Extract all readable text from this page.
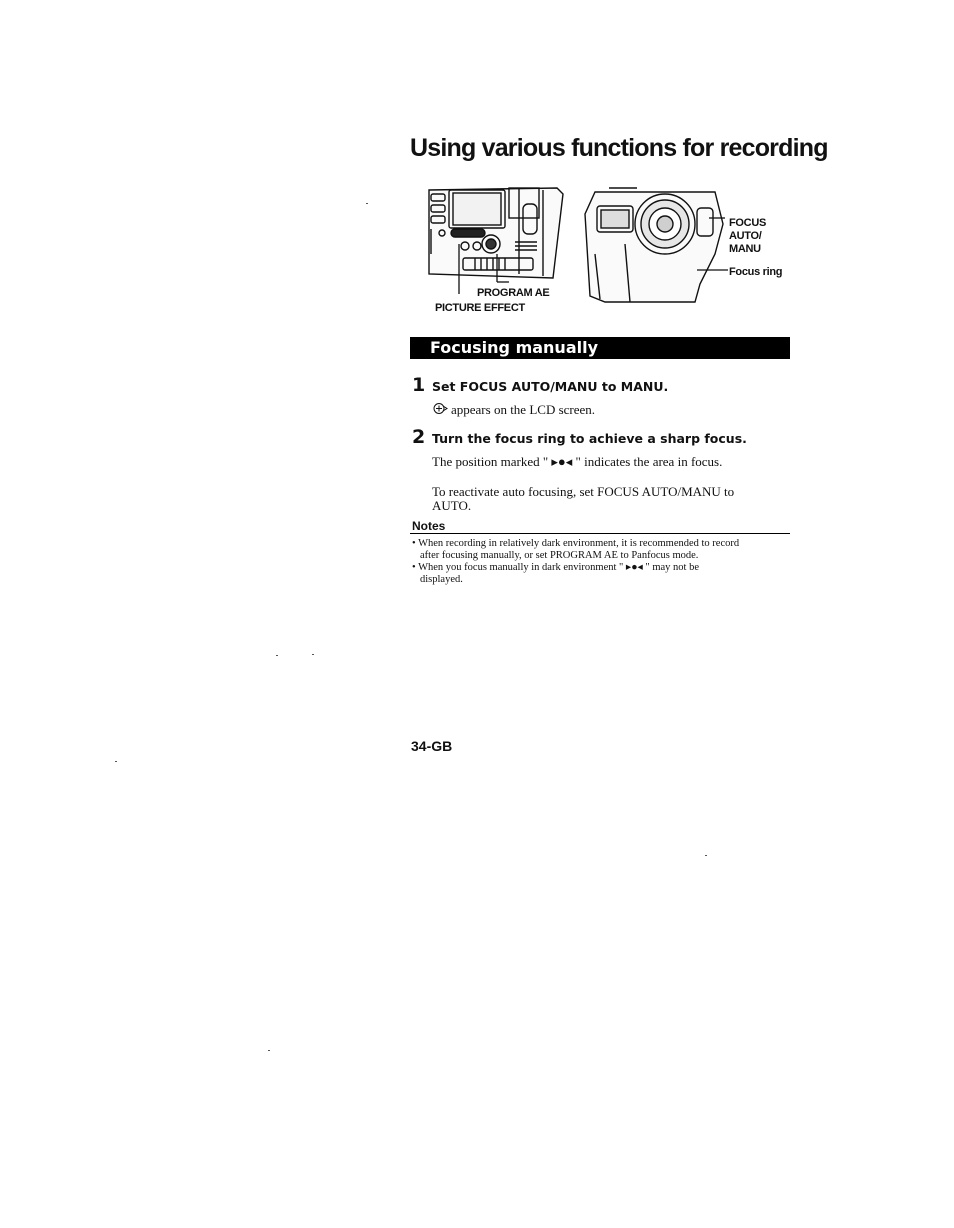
Using various functions for recording
FOCUS
AUTO/
MANU
Focus ring
PROGRAM AE
PICTURE EFFECT
Focusing manually
1 Set FOCUS AUTO/MANU to MANU.
appears on the LCD screen.
2 Turn the focus ring to achieve a sharp focus.
The position marked " ▸●◂ " indicates the area in focus.
To reactivate auto focusing, set FOCUS AUTO/MANU to
AUTO.
Notes
• When recording in relatively dark environment, it is recommended to record
after focusing manually, or set PROGRAM AE to Panfocus mode.
• When you focus manually in dark environment " ▸●◂ " may not be
displayed.
34-GB
